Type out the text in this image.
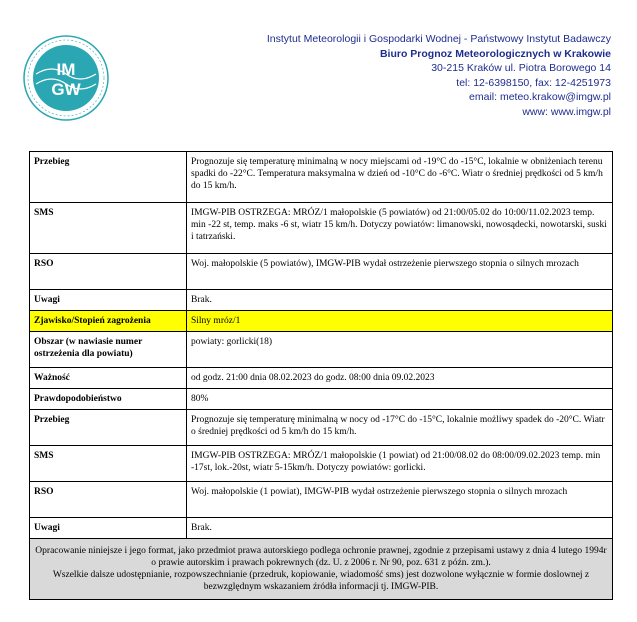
IM
GW
Instytut Meteorologii i Gospodarki Wodnej - Państwowy Instytut Badawczy
Biuro Prognoz Meteorologicznych w Krakowie
30-215 Kraków ul. Piotra Borowego 14
tel: 12-6398150, fax: 12-4251973
email: meteo.krakow@imgw.pl
www: www.imgw.pl
Przebieg	Prognozuje się temperaturę minimalną w nocy miejscami od -19°C do -15°C, lokalnie w obniżeniach terenu spadki do -22°C. Temperatura maksymalna w dzień od -10°C do -6°C. Wiatr o średniej prędkości od 5 km/h do 15 km/h.
SMS	IMGW-PIB OSTRZEGA: MRÓZ/1 małopolskie (5 powiatów) od 21:00/05.02 do 10:00/11.02.2023 temp. min -22 st, temp. maks -6 st, wiatr 15 km/h. Dotyczy powiatów: limanowski, nowosądecki, nowotarski, suski i tatrzański.
RSO	Woj. małopolskie (5 powiatów), IMGW-PIB wydał ostrzeżenie pierwszego stopnia o silnych mrozach
Uwagi	Brak.
Zjawisko/Stopień zagrożenia	Silny mróz/1
Obszar (w nawiasie numer ostrzeżenia dla powiatu)	powiaty: gorlicki(18)
Ważność	od godz. 21:00 dnia 08.02.2023 do godz. 08:00 dnia 09.02.2023
Prawdopodobieństwo	80%
Przebieg	Prognozuje się temperaturę minimalną w nocy od -17°C do -15°C, lokalnie możliwy spadek do -20°C. Wiatr o średniej prędkości od 5 km/h do 15 km/h.
SMS	IMGW-PIB OSTRZEGA: MRÓZ/1 małopolskie (1 powiat) od 21:00/08.02 do 08:00/09.02.2023 temp. min -17st, lok.-20st, wiatr 5-15km/h. Dotyczy powiatów: gorlicki.
RSO	Woj. małopolskie (1 powiat), IMGW-PIB wydał ostrzeżenie pierwszego stopnia o silnych mrozach
Uwagi	Brak.

Opracowanie niniejsze i jego format, jako przedmiot prawa autorskiego podlega ochronie prawnej, zgodnie z przepisami ustawy z dnia 4 lutego 1994r o prawie autorskim i prawach pokrewnych (dz. U. z 2006 r. Nr 90, poz. 631 z późn. zm.).
Wszelkie dalsze udostępnianie, rozpowszechnianie (przedruk, kopiowanie, wiadomość sms) jest dozwolone wyłącznie w formie doslownej z bezwzględnym wskazaniem źródła informacji tj. IMGW-PIB.	
